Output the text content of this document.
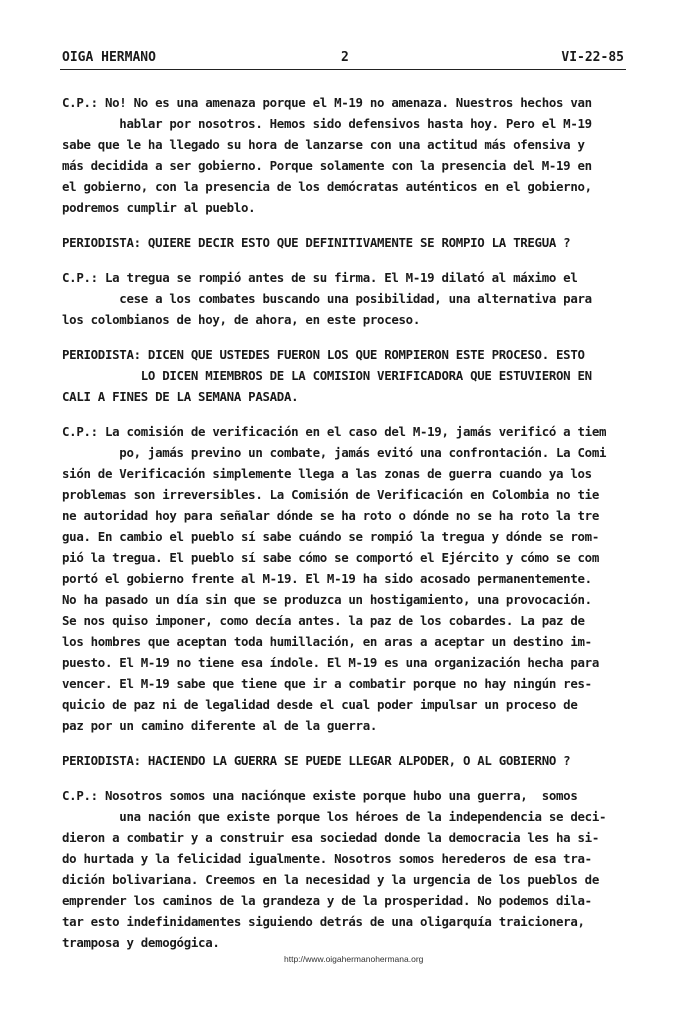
OIGA HERMANO	2	VI-22-85
C.P.: No! No es una amenaza porque el M-19 no amenaza. Nuestros hechos van
hablar por nosotros. Hemos sido defensivos hasta hoy. Pero el M-19
sabe que le ha llegado su hora de lanzarse con una actitud más ofensiva y
más decidida a ser gobierno. Porque solamente con la presencia del M-19 en
el gobierno, con la presencia de los demócratas auténticos en el gobierno,
podremos cumplir al pueblo.
PERIODISTA: QUIERE DECIR ESTO QUE DEFINITIVAMENTE SE ROMPIO LA TREGUA ?
C.P.: La tregua se rompió antes de su firma. El M-19 dilató al máximo el
cese a los combates buscando una posibilidad, una alternativa para
los colombianos de hoy, de ahora, en este proceso.
PERIODISTA: DICEN QUE USTEDES FUERON LOS QUE ROMPIERON ESTE PROCESO. ESTO
LO DICEN MIEMBROS DE LA COMISION VERIFICADORA QUE ESTUVIERON EN
CALI A FINES DE LA SEMANA PASADA.
C.P.: La comisión de verificación en el caso del M-19, jamás verificó a tiem
po, jamás previno un combate, jamás evitó una confrontación. La Comi
sión de Verificación simplemente llega a las zonas de guerra cuando ya los
problemas son irreversibles. La Comisión de Verificación en Colombia no tie
ne autoridad hoy para señalar dónde se ha roto o dónde no se ha roto la tre
gua. En cambio el pueblo sí sabe cuándo se rompió la tregua y dónde se rom-
pió la tregua. El pueblo sí sabe cómo se comportó el Ejército y cómo se com
portó el gobierno frente al M-19. El M-19 ha sido acosado permanentemente.
No ha pasado un día sin que se produzca un hostigamiento, una provocación.
Se nos quiso imponer, como decía antes. la paz de los cobardes. La paz de
los hombres que aceptan toda humillación, en aras a aceptar un destino im-
puesto. El M-19 no tiene esa índole. El M-19 es una organización hecha para
vencer. El M-19 sabe que tiene que ir a combatir porque no hay ningún res-
quicio de paz ni de legalidad desde el cual poder impulsar un proceso de
paz por un camino diferente al de la guerra.
PERIODISTA: HACIENDO LA GUERRA SE PUEDE LLEGAR ALPODER, O AL GOBIERNO ?
C.P.: Nosotros somos una naciónque existe porque hubo una guerra,  somos
una nación que existe porque los héroes de la independencia se deci-
dieron a combatir y a construir esa sociedad donde la democracia les ha si-
do hurtada y la felicidad igualmente. Nosotros somos herederos de esa tra-
dición bolivariana. Creemos en la necesidad y la urgencia de los pueblos de
emprender los caminos de la grandeza y de la prosperidad. No podemos dila-
tar esto indefinidamentes siguiendo detrás de una oligarquía traicionera,
tramposa y demogógica.
http://www.oigahermanohermana.org
